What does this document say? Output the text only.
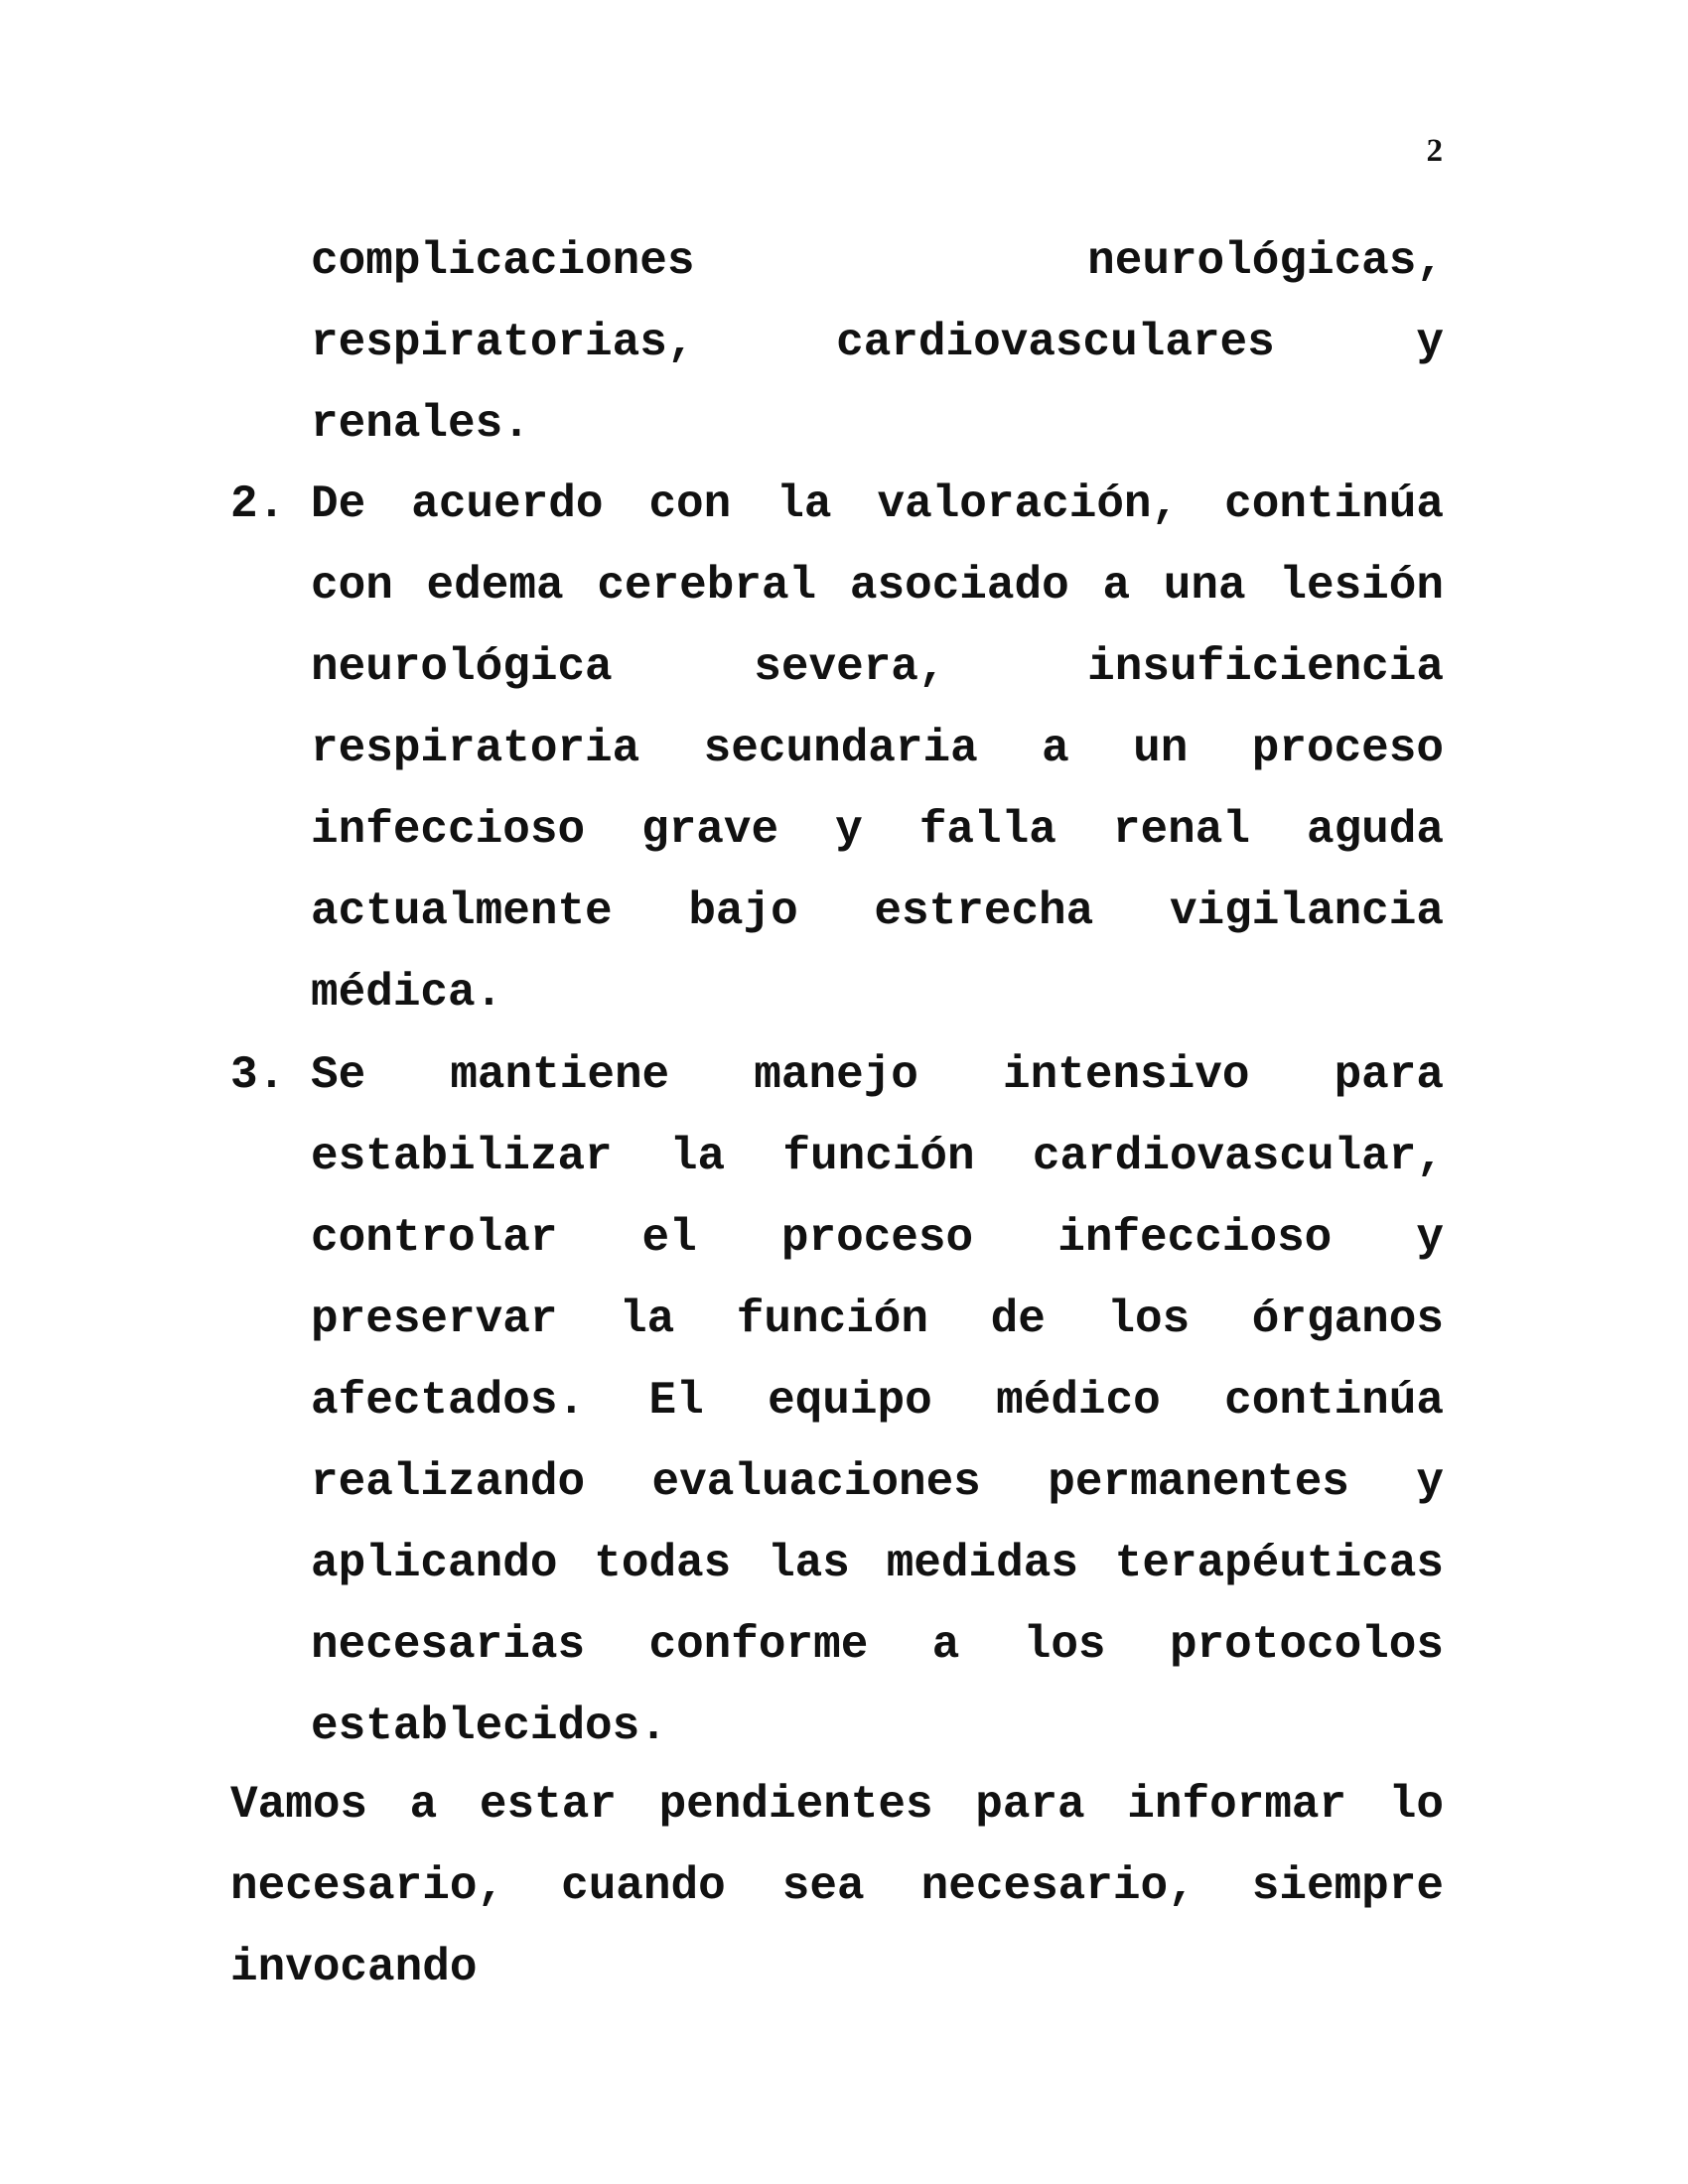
2

complicaciones neurológicas, respiratorias, cardiovasculares y renales.

2. De acuerdo con la valoración, continúa con edema cerebral asociado a una lesión neurológica severa, insuficiencia respiratoria secundaria a un proceso infeccioso grave y falla renal aguda actualmente bajo estrecha vigilancia médica.
3. Se mantiene manejo intensivo para estabilizar la función cardiovascular, controlar el proceso infeccioso y preservar la función de los órganos afectados. El equipo médico continúa realizando evaluaciones permanentes y aplicando todas las medidas terapéuticas necesarias conforme a los protocolos establecidos.

Vamos a estar pendientes para informar lo necesario, cuando sea necesario, siempre invocando
